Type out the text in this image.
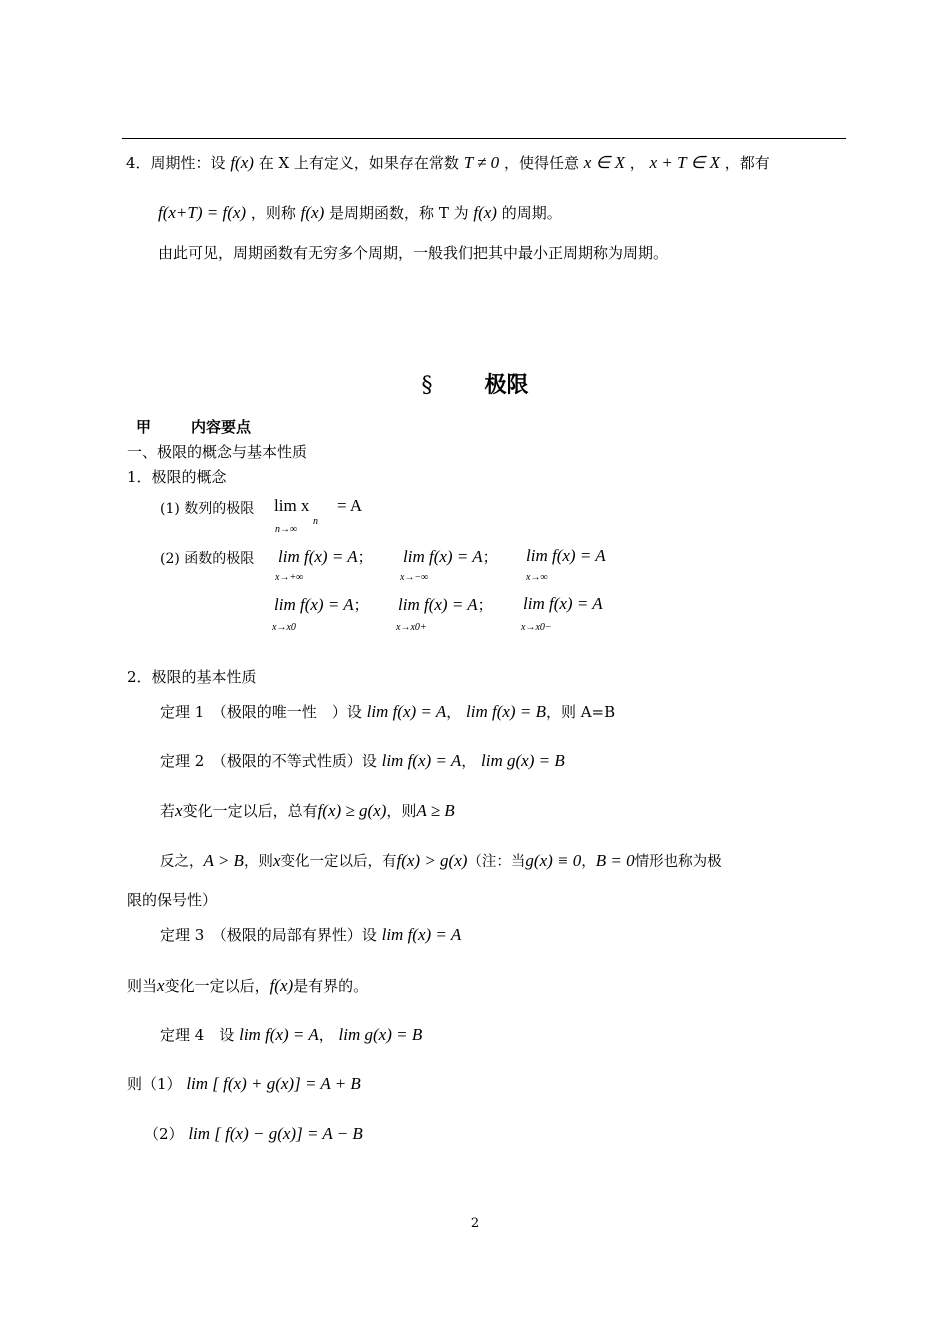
4．周期性：设 f(x) 在 X 上有定义，如果存在常数 T ≠ 0 ，使得任意 x ∈ X ， x + T ∈ X ，都有
f(x+T) = f(x) ，则称 f(x) 是周期函数，称 T 为 f(x) 的周期。
由此可见，周期函数有无穷多个周期，一般我们把其中最小正周期称为周期。
§ 极限
甲	内容要点
一、极限的概念与基本性质
1．极限的概念
(1) 数列的极限 lim x = A
n
n→∞
(2) 函数的极限 lim f(x) = A；
x→+∞
lim f(x) = A；
x→−∞
lim f(x) = A
x→∞
lim f(x) = A；
x→x0
lim f(x) = A；
x→x0+
lim f(x) = A
x→x0−
2．极限的基本性质
定理 1　（极限的唯一性　）设 lim f(x) = A， lim f(x) = B，则 A=B
定理 2　（极限的不等式性质）设 lim f(x) = A， lim g(x) = B
若x变化一定以后，总有f(x) ≥ g(x)，则A ≥ B
反之，A > B，则x变化一定以后，有f(x) > g(x)（注：当g(x) ≡ 0，B = 0情形也称为极
限的保号性）
定理 3　（极限的局部有界性）设 lim f(x) = A
则当x变化一定以后，f(x)是有界的。
定理 4　设 lim f(x) = A， lim g(x) = B
则（1） lim [ f(x) + g(x)] = A + B
（2） lim [ f(x) − g(x)] = A − B
2
